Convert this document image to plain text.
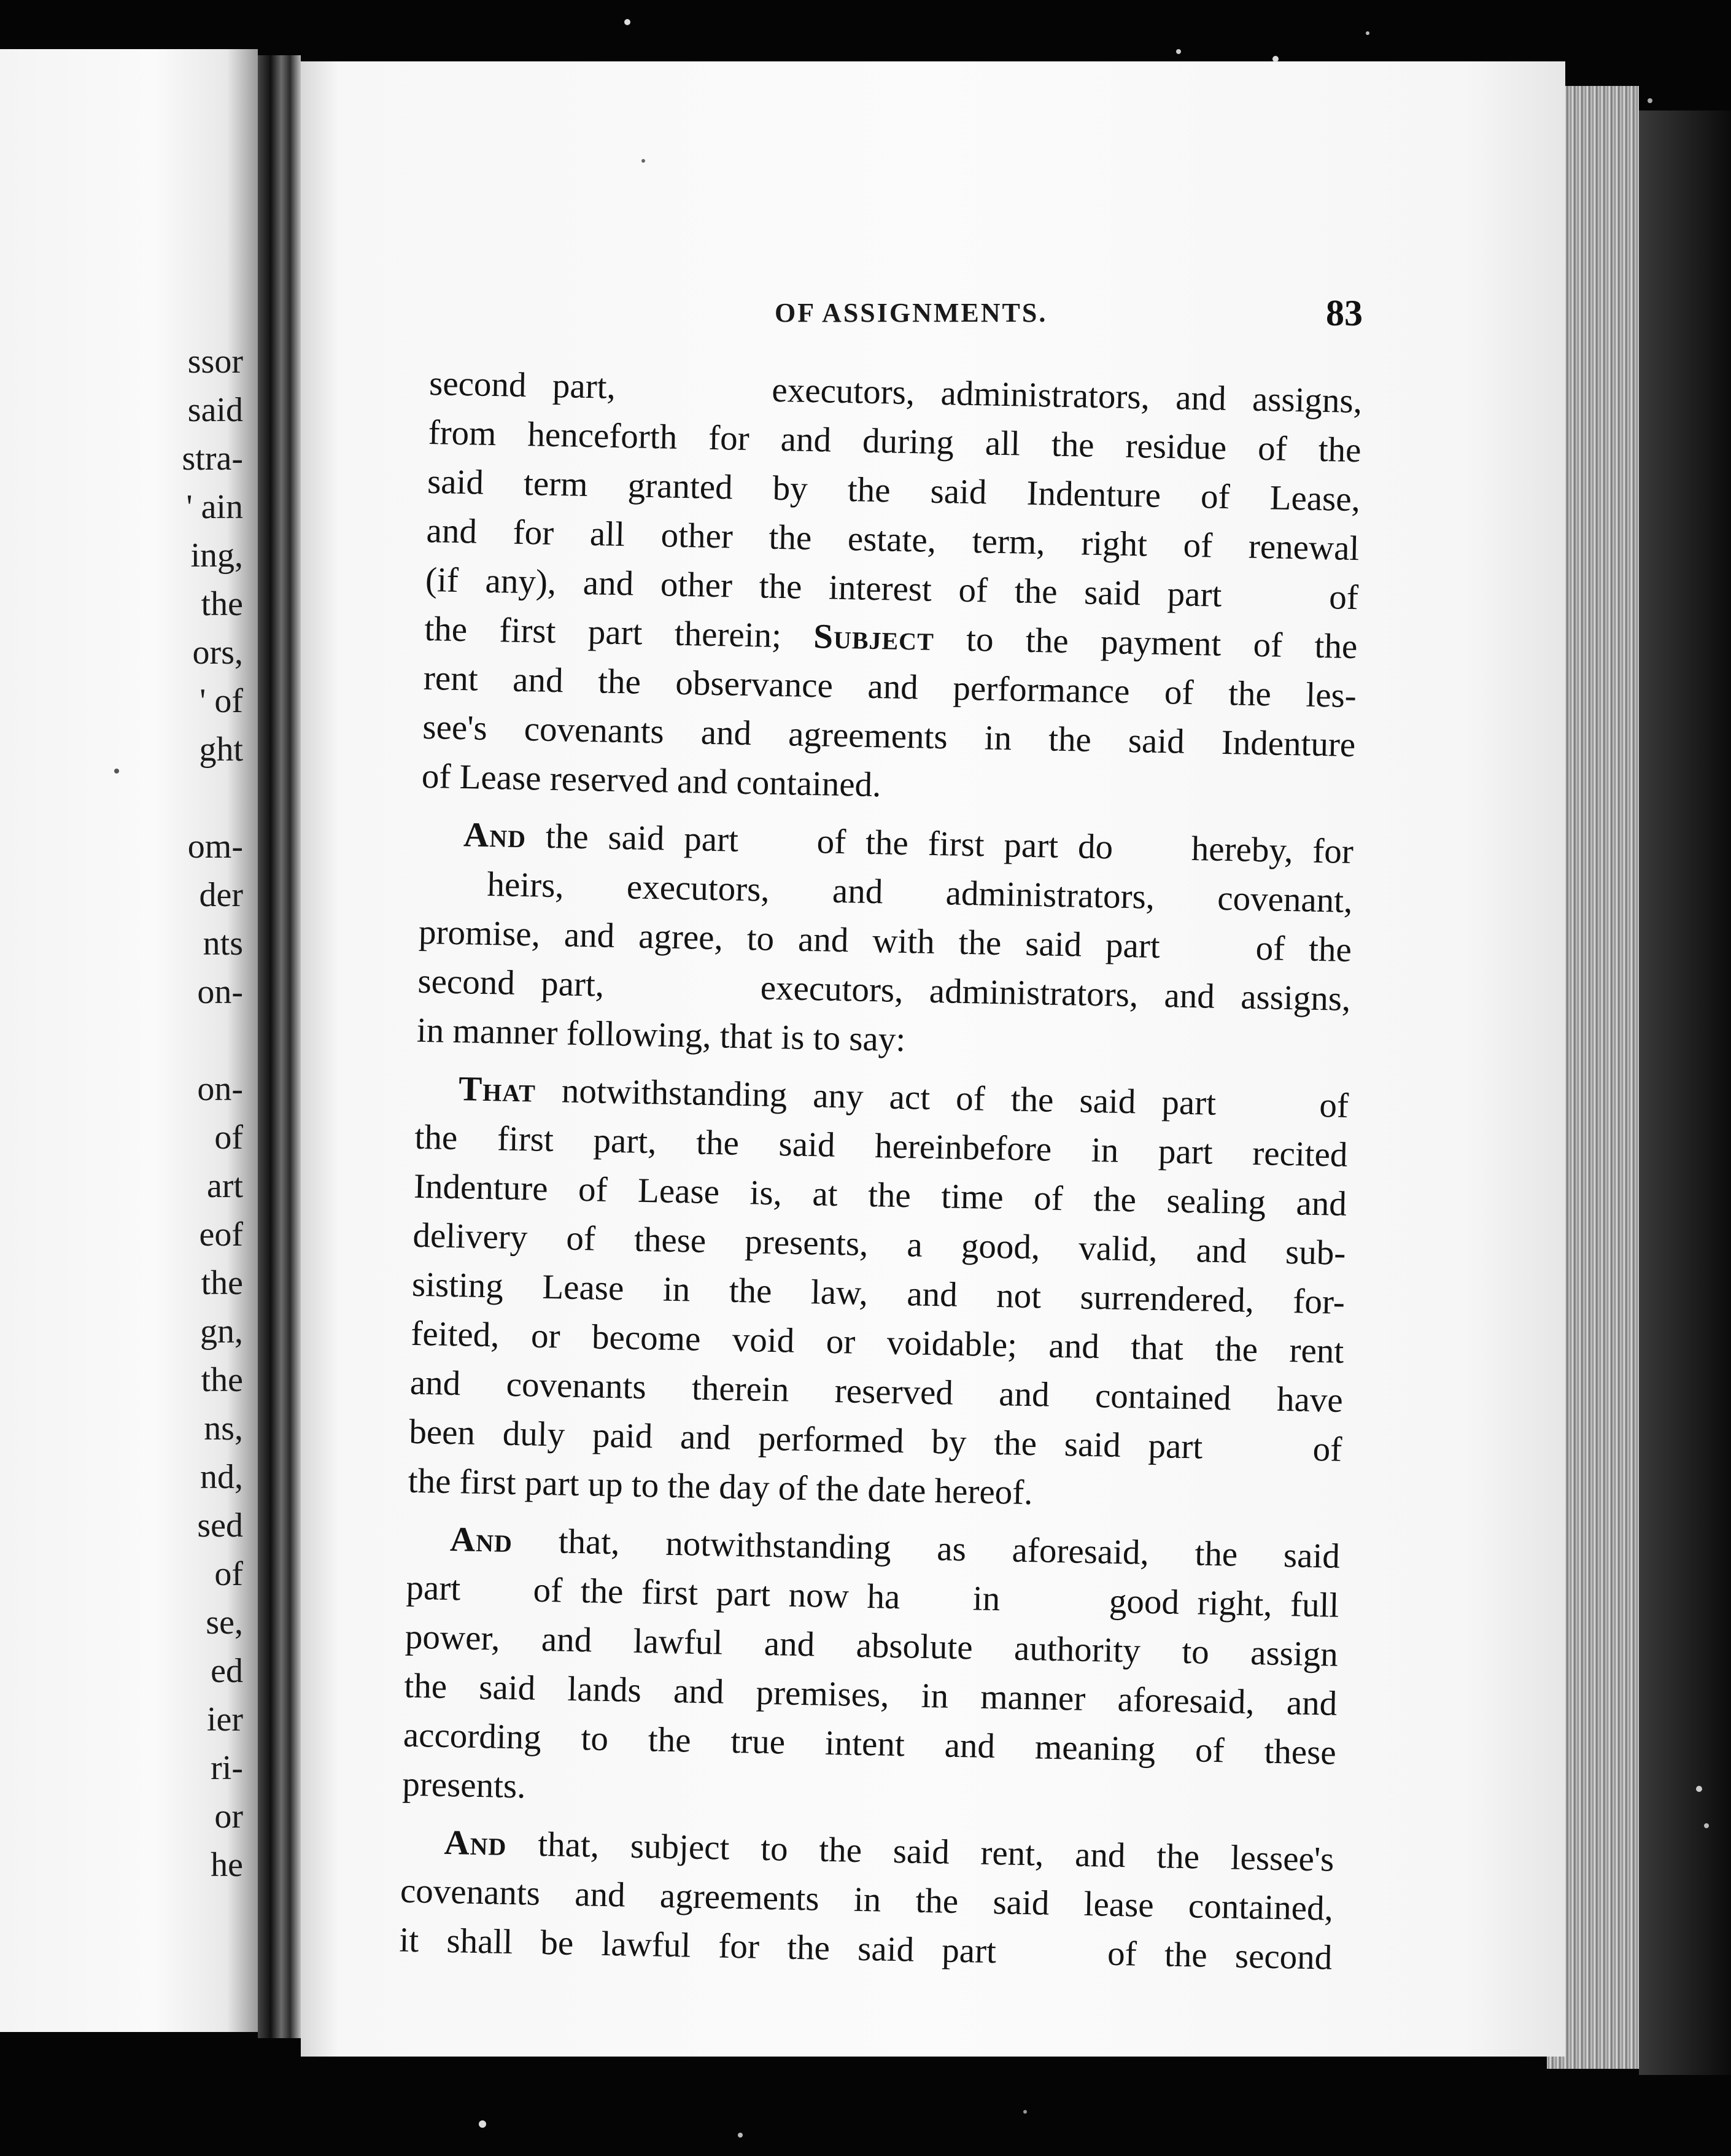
ssor
said
stra-
' ain
ing,
the
ors,
' of
ght

om-
der
nts
on-

on-
of
art
eof
the
gn,
the
ns,
nd,
sed
of
se,
ed
ier
ri-
or
he
OF ASSIGNMENTS.	83
second part,      executors, administrators, and assigns,
from henceforth for and during all the residue of the
said term granted by the said Indenture of Lease,
and for all other the estate, term, right of renewal
(if any), and other the interest of the said part    of
the first part therein; Subject to the payment of the
rent and the observance and performance of the les-
see's covenants and agreements in the said Indenture
of Lease reserved and contained.
And the said part    of the first part do    hereby, for
heirs, executors, and administrators, covenant,
promise, and agree, to and with the said part    of the
second part,      executors, administrators, and assigns,
in manner following, that is to say:
That notwithstanding any act of the said part    of
the first part, the said hereinbefore in part recited
Indenture of Lease is, at the time of the sealing and
delivery of these presents, a good, valid, and sub-
sisting Lease in the law, and not surrendered, for-
feited, or become void or voidable; and that the rent
and covenants therein reserved and contained have
been duly paid and performed by the said part    of
the first part up to the day of the date hereof.
And that, notwithstanding as aforesaid, the said
part    of the first part now ha    in      good right, full
power, and lawful and absolute authority to assign
the said lands and premises, in manner aforesaid, and
according to the true intent and meaning of these
presents.
And that, subject to the said rent, and the lessee's
covenants and agreements in the said lease contained,
it shall be lawful for the said part    of the second
